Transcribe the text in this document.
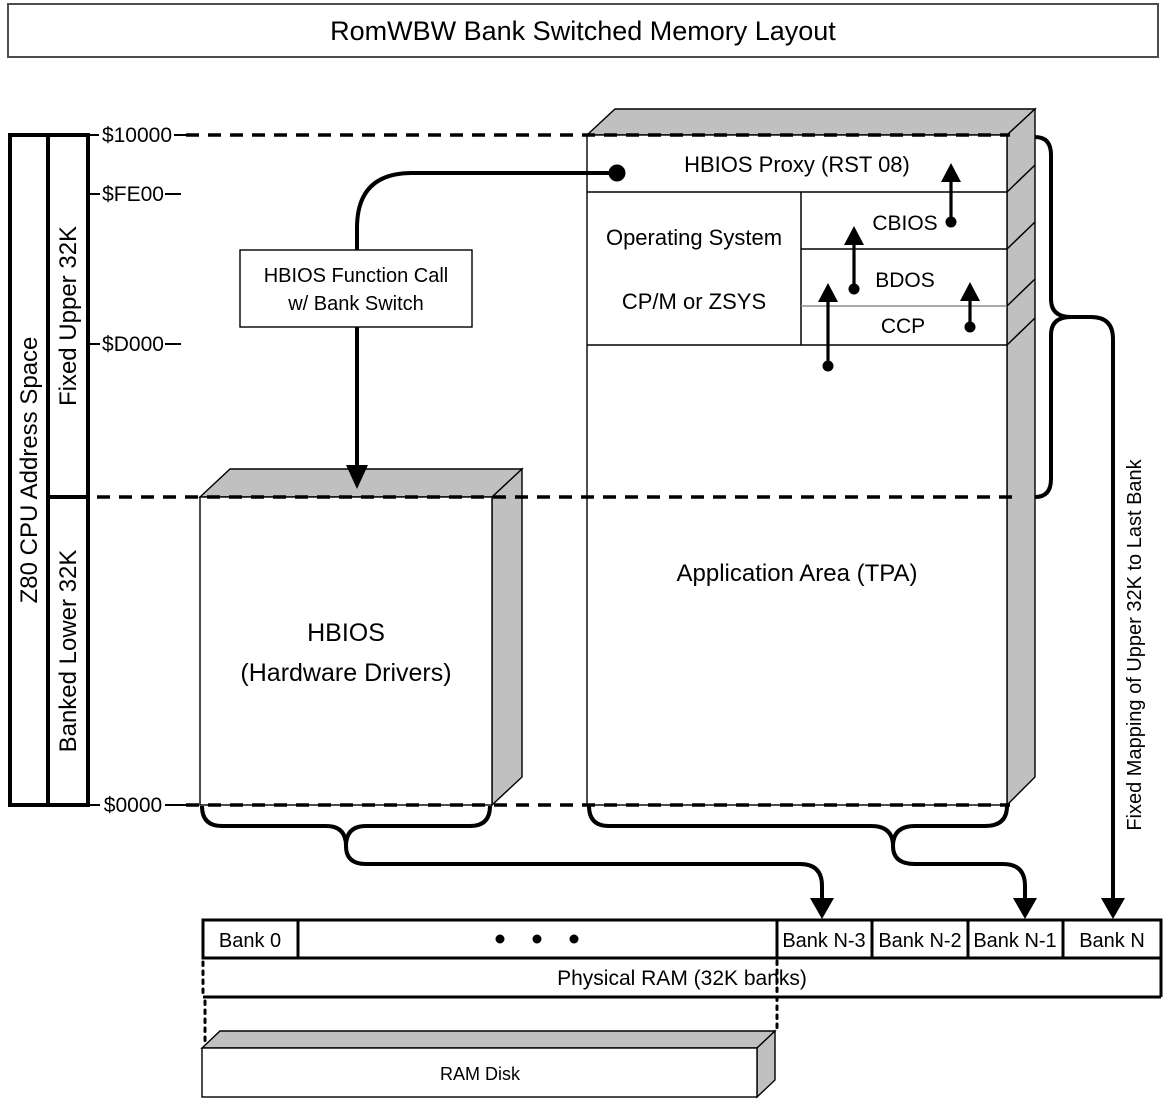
RomWBW Bank Switched Memory Layout
Z80 CPU Address Space
Fixed Upper 32K
Banked Lower 32K
$10000
$FE00
$D000
$0000
HBIOS Proxy (RST 08)
Operating System
CP/M or ZSYS
CBIOS
BDOS
CCP
Application Area (TPA)
HBIOS
(Hardware Drivers)
HBIOS Function Call
w/ Bank Switch
Bank 0	Bank N-3 Bank N-2 Bank N-1 Bank N
Physical RAM (32K banks)
RAM Disk
Fixed Mapping of Upper 32K to Last Bank
